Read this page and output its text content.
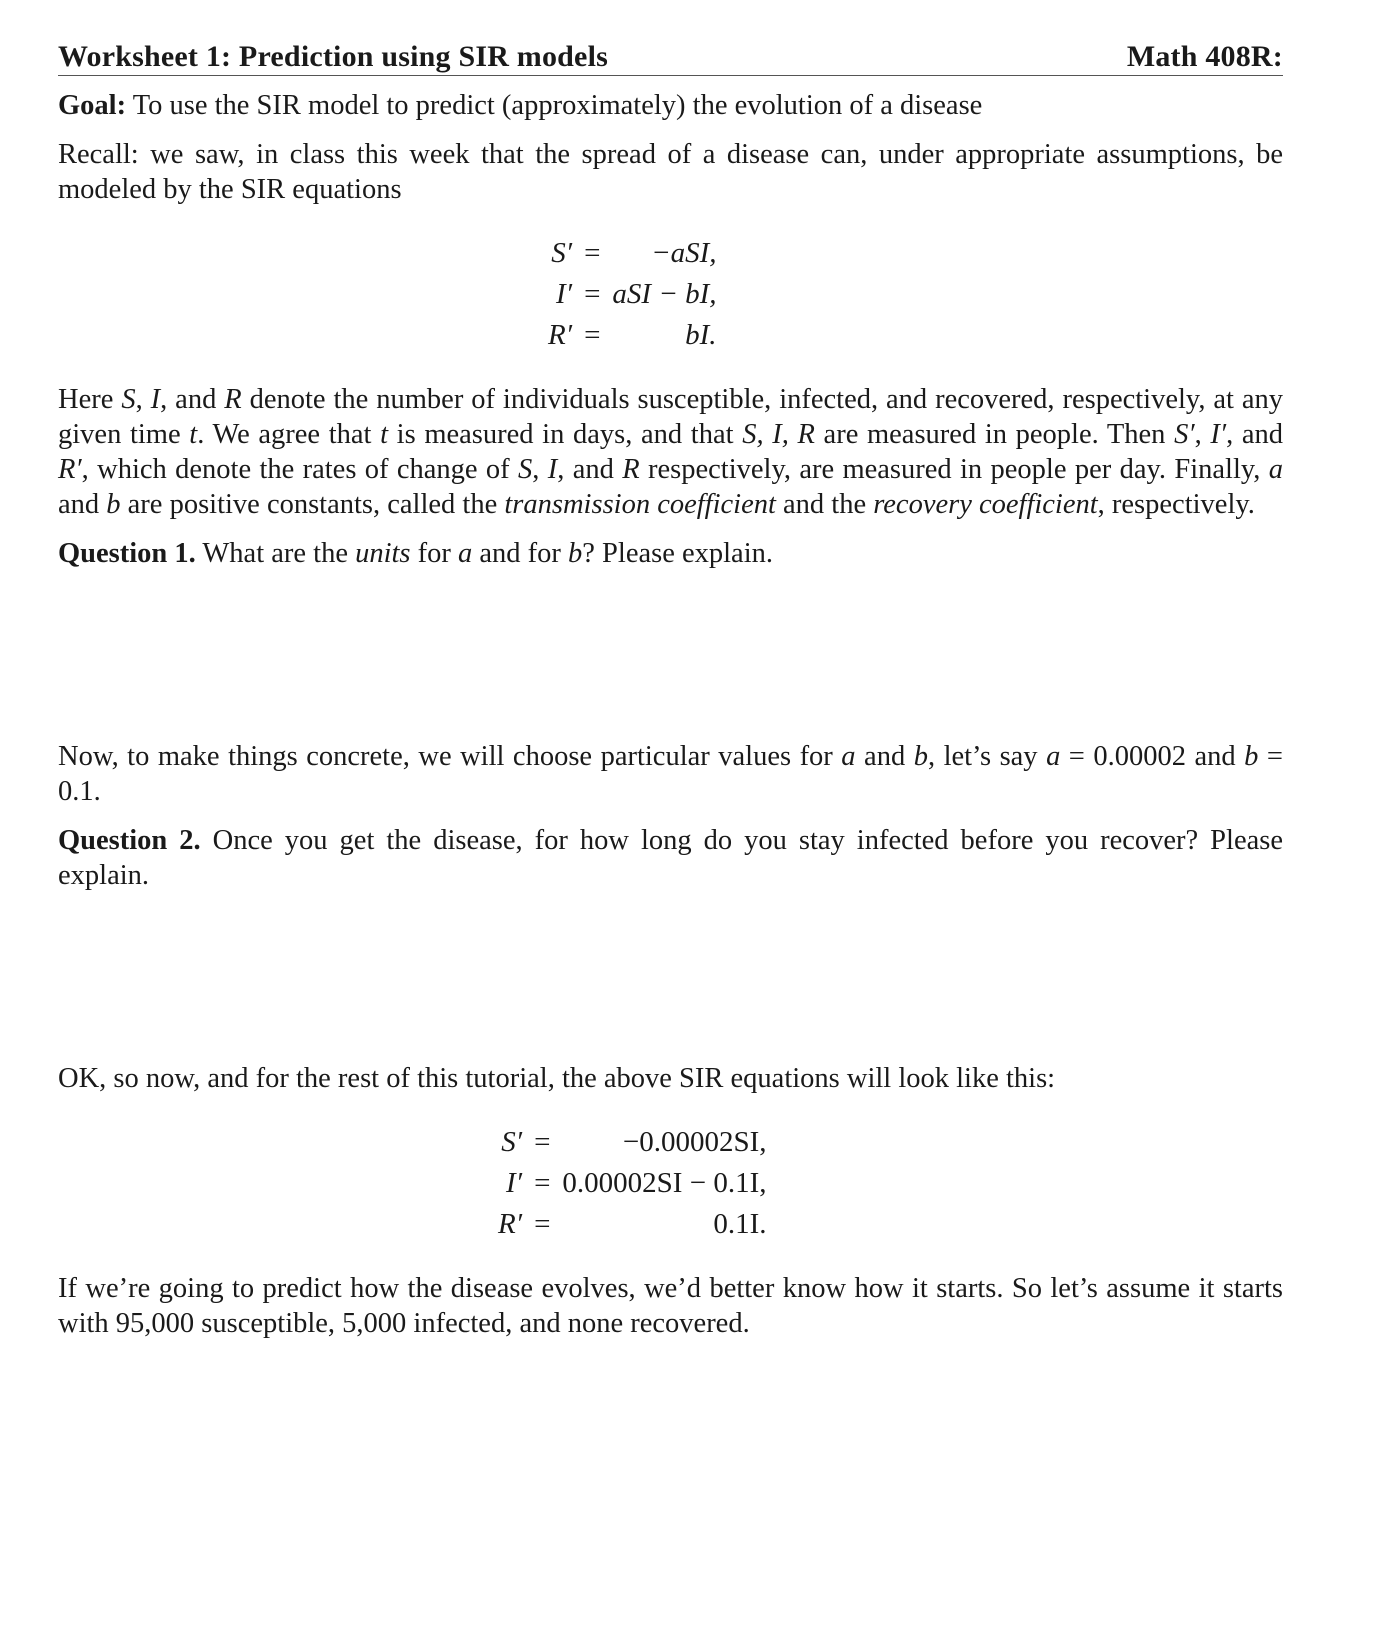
Worksheet 1: Prediction using SIR models	Math 408R:

Goal: To use the SIR model to predict (approximately) the evolution of a disease

Recall: we saw, in class this week that the spread of a disease can, under appropriate assumptions, be modeled by the SIR equations

S′ =	−aSI,
I′ = aSI − bI,
R′ =	bI.

Here S, I, and R denote the number of individuals susceptible, infected, and recovered, respectively, at any given time t. We agree that t is measured in days, and that S, I, R are measured in people. Then S′, I′, and R′, which denote the rates of change of S, I, and R respectively, are measured in people per day. Finally, a and b are positive constants, called the transmission coefficient and the recovery coefficient, respectively.

Question 1. What are the units for a and for b? Please explain.

Now, to make things concrete, we will choose particular values for a and b, let’s say a = 0.00002 and b = 0.1.

Question 2. Once you get the disease, for how long do you stay infected before you recover? Please explain.

OK, so now, and for the rest of this tutorial, the above SIR equations will look like this:

S′ =	−0.00002SI,
I′ = 0.00002SI − 0.1I,
R′ =	0.1I.

If we’re going to predict how the disease evolves, we’d better know how it starts. So let’s assume it starts with 95,000 susceptible, 5,000 infected, and none recovered.
